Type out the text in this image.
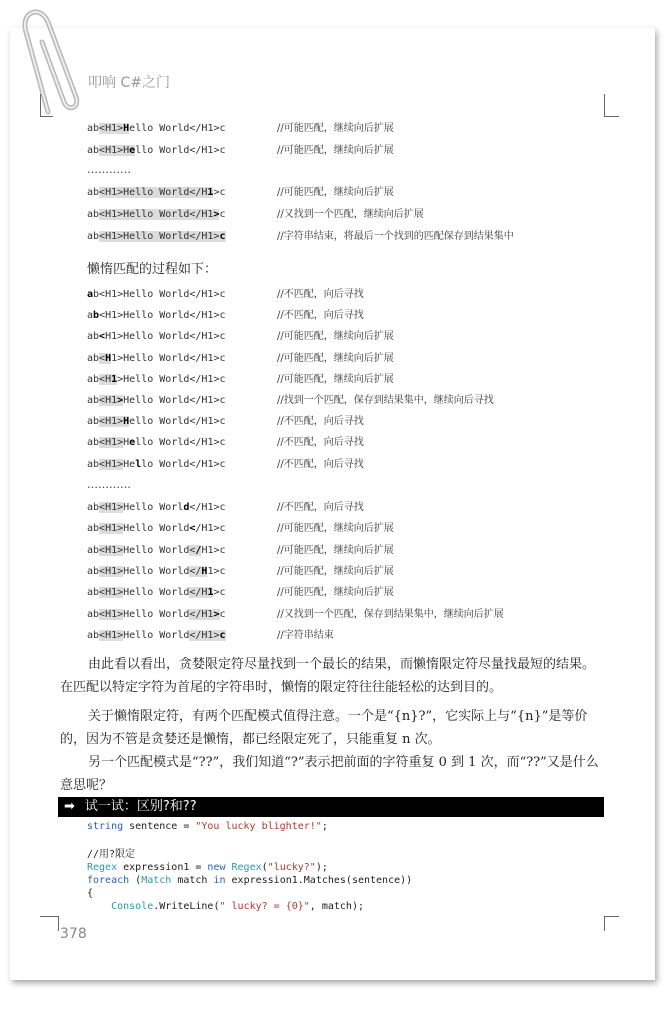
叩响 C#之门
ab<H1>Hello World</H1>c	//可能匹配，继续向后扩展
ab<H1>Hello World</H1>c	//可能匹配，继续向后扩展
ab<H1>Hello World</H1>c	//可能匹配，继续向后扩展
ab<H1>Hello World</H1>c	//又找到一个匹配，继续向后扩展
ab<H1>Hello World</H1>c	//字符串结束，将最后一个找到的匹配保存到结果集中
…………
懒惰匹配的过程如下：
ab<H1>Hello World</H1>c	//不匹配，向后寻找
ab<H1>Hello World</H1>c	//不匹配，向后寻找
ab<H1>Hello World</H1>c	//可能匹配，继续向后扩展
ab<H1>Hello World</H1>c	//可能匹配，继续向后扩展
ab<H1>Hello World</H1>c	//可能匹配，继续向后扩展
ab<H1>Hello World</H1>c	//找到一个匹配，保存到结果集中，继续向后寻找
ab<H1>Hello World</H1>c	//不匹配，向后寻找
ab<H1>Hello World</H1>c	//不匹配，向后寻找
ab<H1>Hello World</H1>c	//不匹配，向后寻找
ab<H1>Hello World</H1>c	//不匹配，向后寻找
ab<H1>Hello World</H1>c	//可能匹配，继续向后扩展
ab<H1>Hello World</H1>c	//可能匹配，继续向后扩展
ab<H1>Hello World</H1>c	//可能匹配，继续向后扩展
ab<H1>Hello World</H1>c	//可能匹配，继续向后扩展
ab<H1>Hello World</H1>c	//又找到一个匹配，保存到结果集中，继续向后扩展
ab<H1>Hello World</H1>c	//字符串结束
…………

由此看以看出，贪婪限定符尽量找到一个最长的结果，而懒惰限定符尽量找最短的结果。在匹配以特定字符为首尾的字符串时，懒惰的限定符往往能轻松的达到目的。

关于懒惰限定符，有两个匹配模式值得注意。一个是“{n}?”，它实际上与“{n}”是等价的，因为不管是贪婪还是懒惰，都已经限定死了，只能重复 n 次。

另一个匹配模式是“??”，我们知道“?”表示把前面的字符重复 0 到 1 次，而“??”又是什么意思呢？

➡ 试一试：区别?和??
string sentence = "You lucky blighter!";
//用?限定
Regex expression1 = new Regex("lucky?");
foreach (Match match in expression1.Matches(sentence))
{
Console.WriteLine(" lucky? = {0}", match);
378
